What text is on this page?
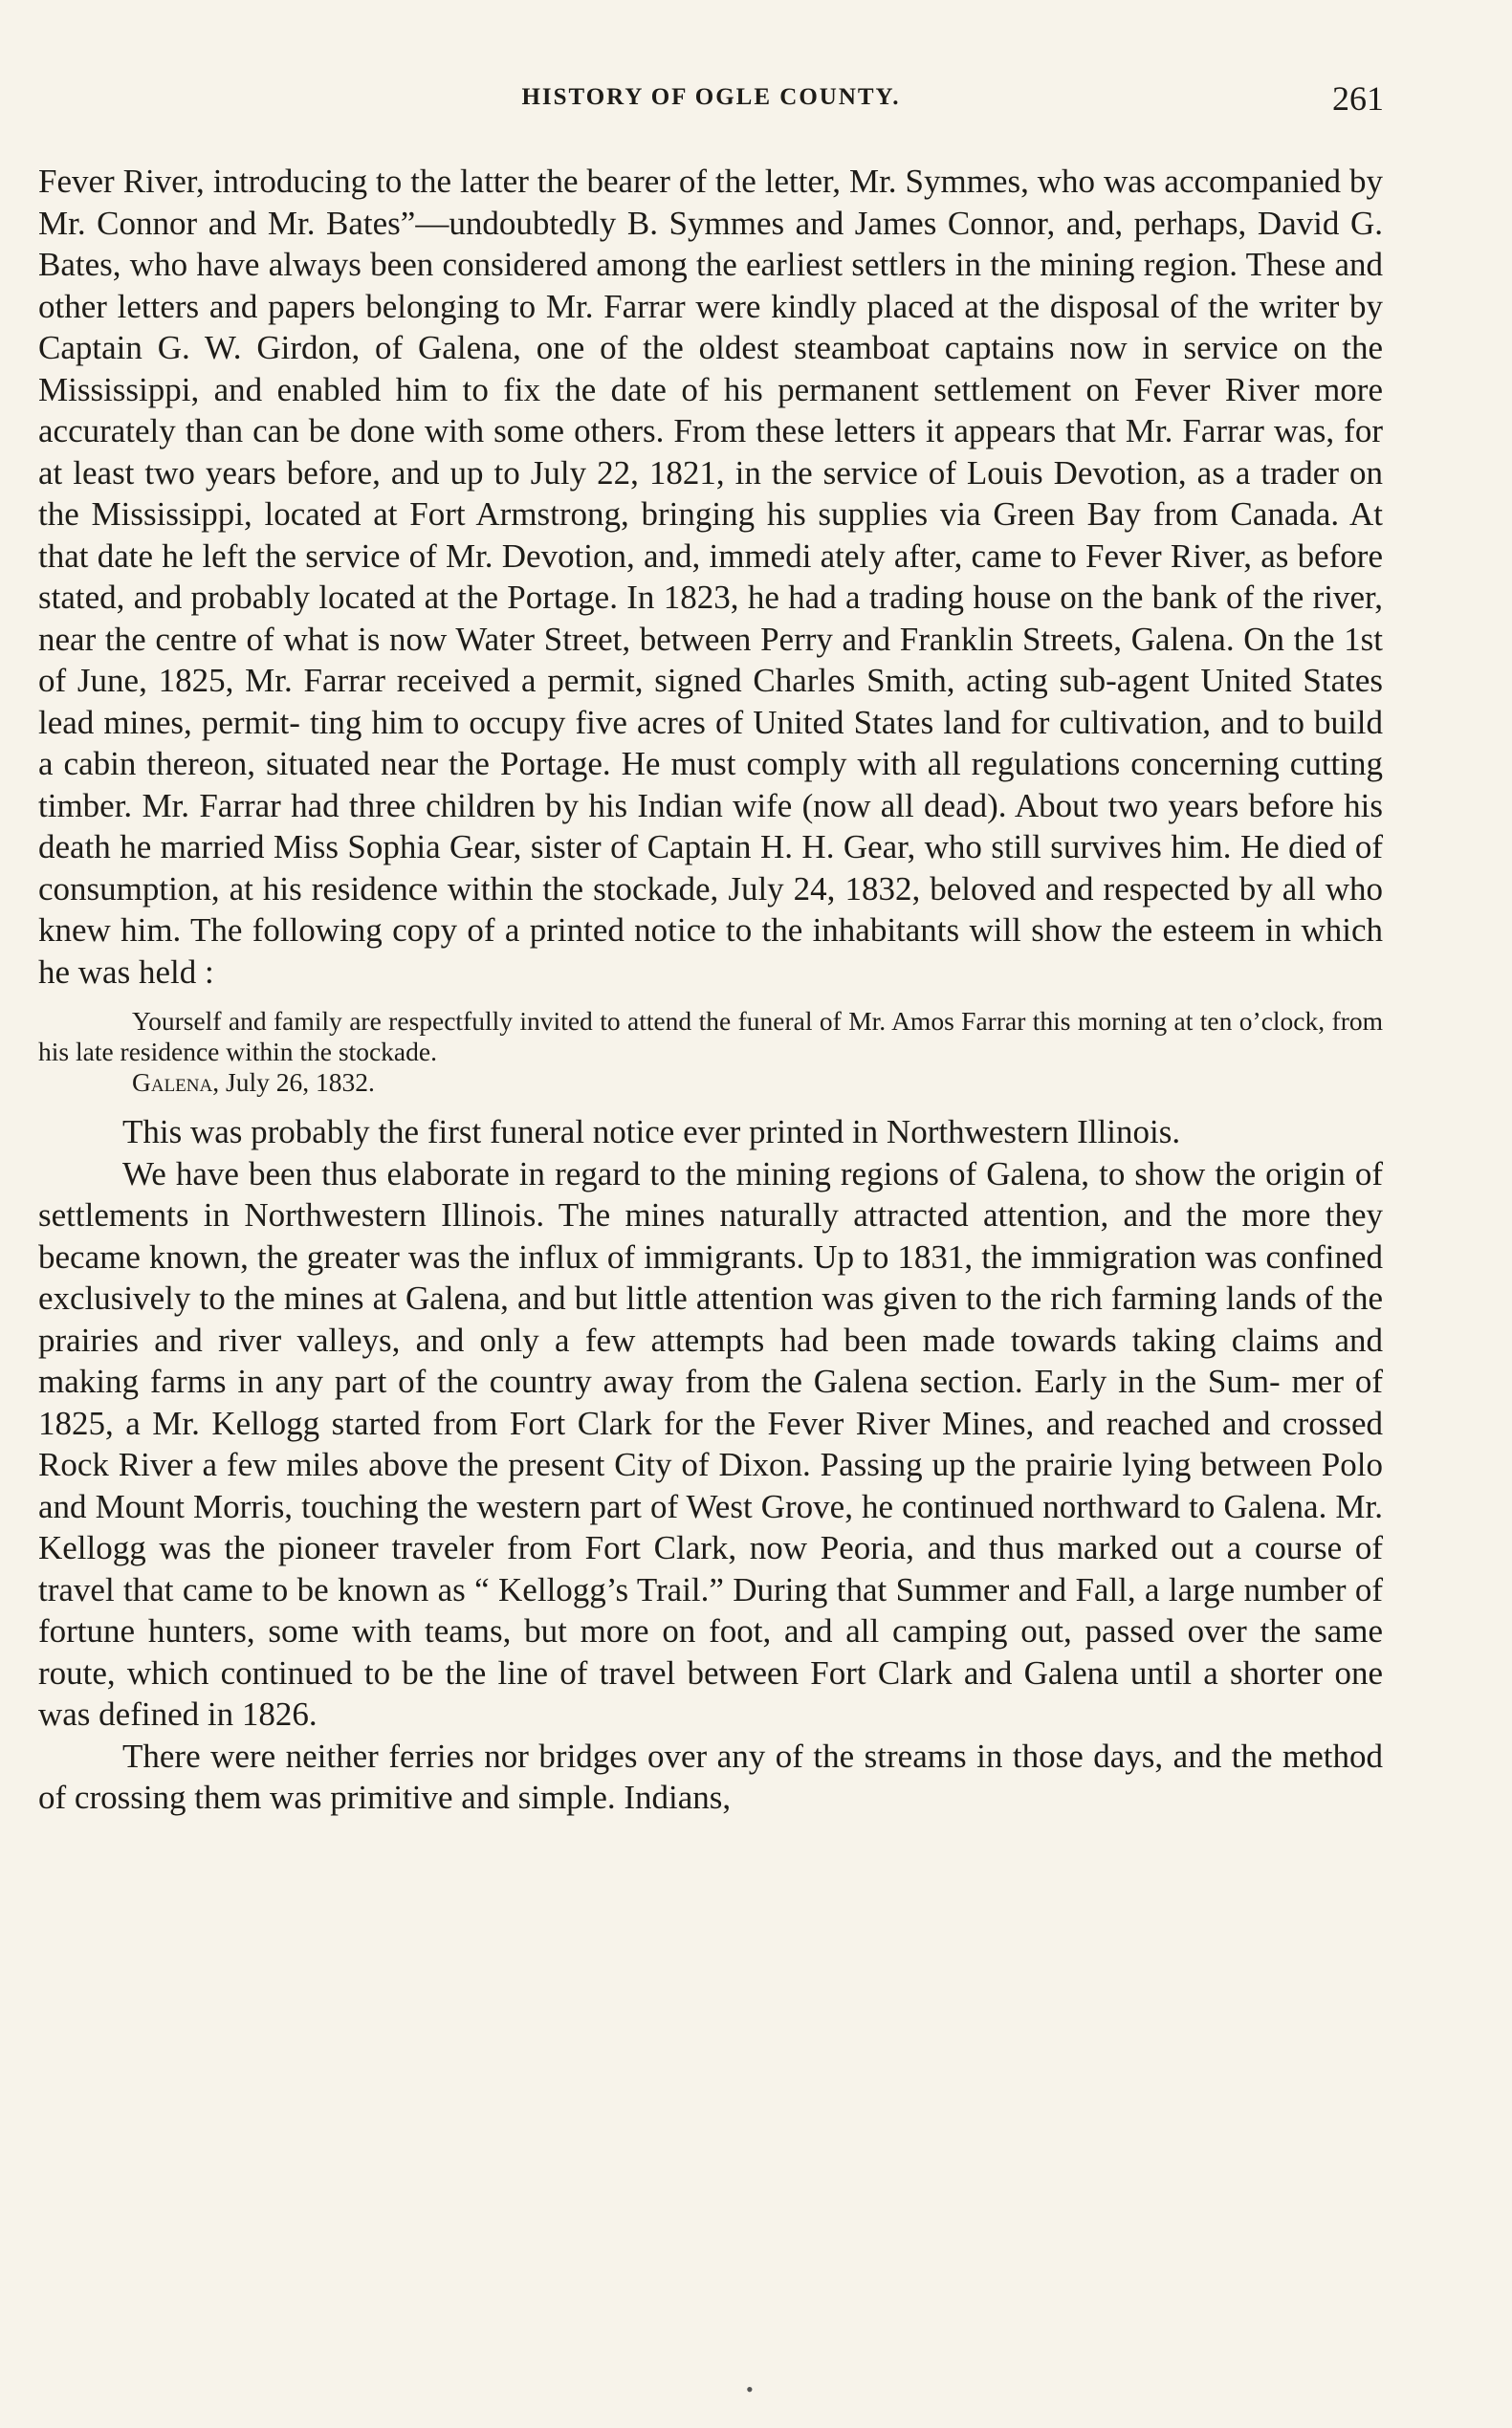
HISTORY OF OGLE COUNTY.	261

Fever River, introducing to the latter the bearer of the letter, Mr. Symmes, who was accompanied by Mr. Connor and Mr. Bates”—undoubtedly B. Symmes and James Connor, and, perhaps, David G. Bates, who have always been considered among the earliest settlers in the mining region. These and other letters and papers belonging to Mr. Farrar were kindly placed at the disposal of the writer by Captain G. W. Girdon, of Galena, one of the oldest steamboat captains now in service on the Mississippi, and enabled him to fix the date of his permanent settlement on Fever River more accurately than can be done with some others. From these letters it appears that Mr. Farrar was, for at least two years before, and up to July 22, 1821, in the service of Louis Devotion, as a trader on the Mississippi, located at Fort Armstrong, bringing his supplies via Green Bay from Canada. At that date he left the service of Mr. Devotion, and, immedi ately after, came to Fever River, as before stated, and probably located at the Portage. In 1823, he had a trading house on the bank of the river, near the centre of what is now Water Street, between Perry and Franklin Streets, Galena. On the 1st of June, 1825, Mr. Farrar received a permit, signed Charles Smith, acting sub-agent United States lead mines, permit- ting him to occupy five acres of United States land for cultivation, and to build a cabin thereon, situated near the Portage. He must comply with all regulations concerning cutting timber. Mr. Farrar had three children by his Indian wife (now all dead). About two years before his death he married Miss Sophia Gear, sister of Captain H. H. Gear, who still survives him. He died of consumption, at his residence within the stockade, July 24, 1832, beloved and respected by all who knew him. The following copy of a printed notice to the inhabitants will show the esteem in which he was held :

Yourself and family are respectfully invited to attend the funeral of Mr. Amos Farrar this morning at ten o’clock, from his late residence within the stockade.

Galena, July 26, 1832.

This was probably the first funeral notice ever printed in Northwestern Illinois.

We have been thus elaborate in regard to the mining regions of Galena, to show the origin of settlements in Northwestern Illinois. The mines naturally attracted attention, and the more they became known, the greater was the influx of immigrants. Up to 1831, the immigration was confined exclusively to the mines at Galena, and but little attention was given to the rich farming lands of the prairies and river valleys, and only a few attempts had been made towards taking claims and making farms in any part of the country away from the Galena section. Early in the Sum- mer of 1825, a Mr. Kellogg started from Fort Clark for the Fever River Mines, and reached and crossed Rock River a few miles above the present City of Dixon. Passing up the prairie lying between Polo and Mount Morris, touching the western part of West Grove, he continued northward to Galena. Mr. Kellogg was the pioneer traveler from Fort Clark, now Peoria, and thus marked out a course of travel that came to be known as “ Kellogg’s Trail.” During that Summer and Fall, a large number of fortune hunters, some with teams, but more on foot, and all camping out, passed over the same route, which continued to be the line of travel between Fort Clark and Galena until a shorter one was defined in 1826.

There were neither ferries nor bridges over any of the streams in those days, and the method of crossing them was primitive and simple. Indians,

•
